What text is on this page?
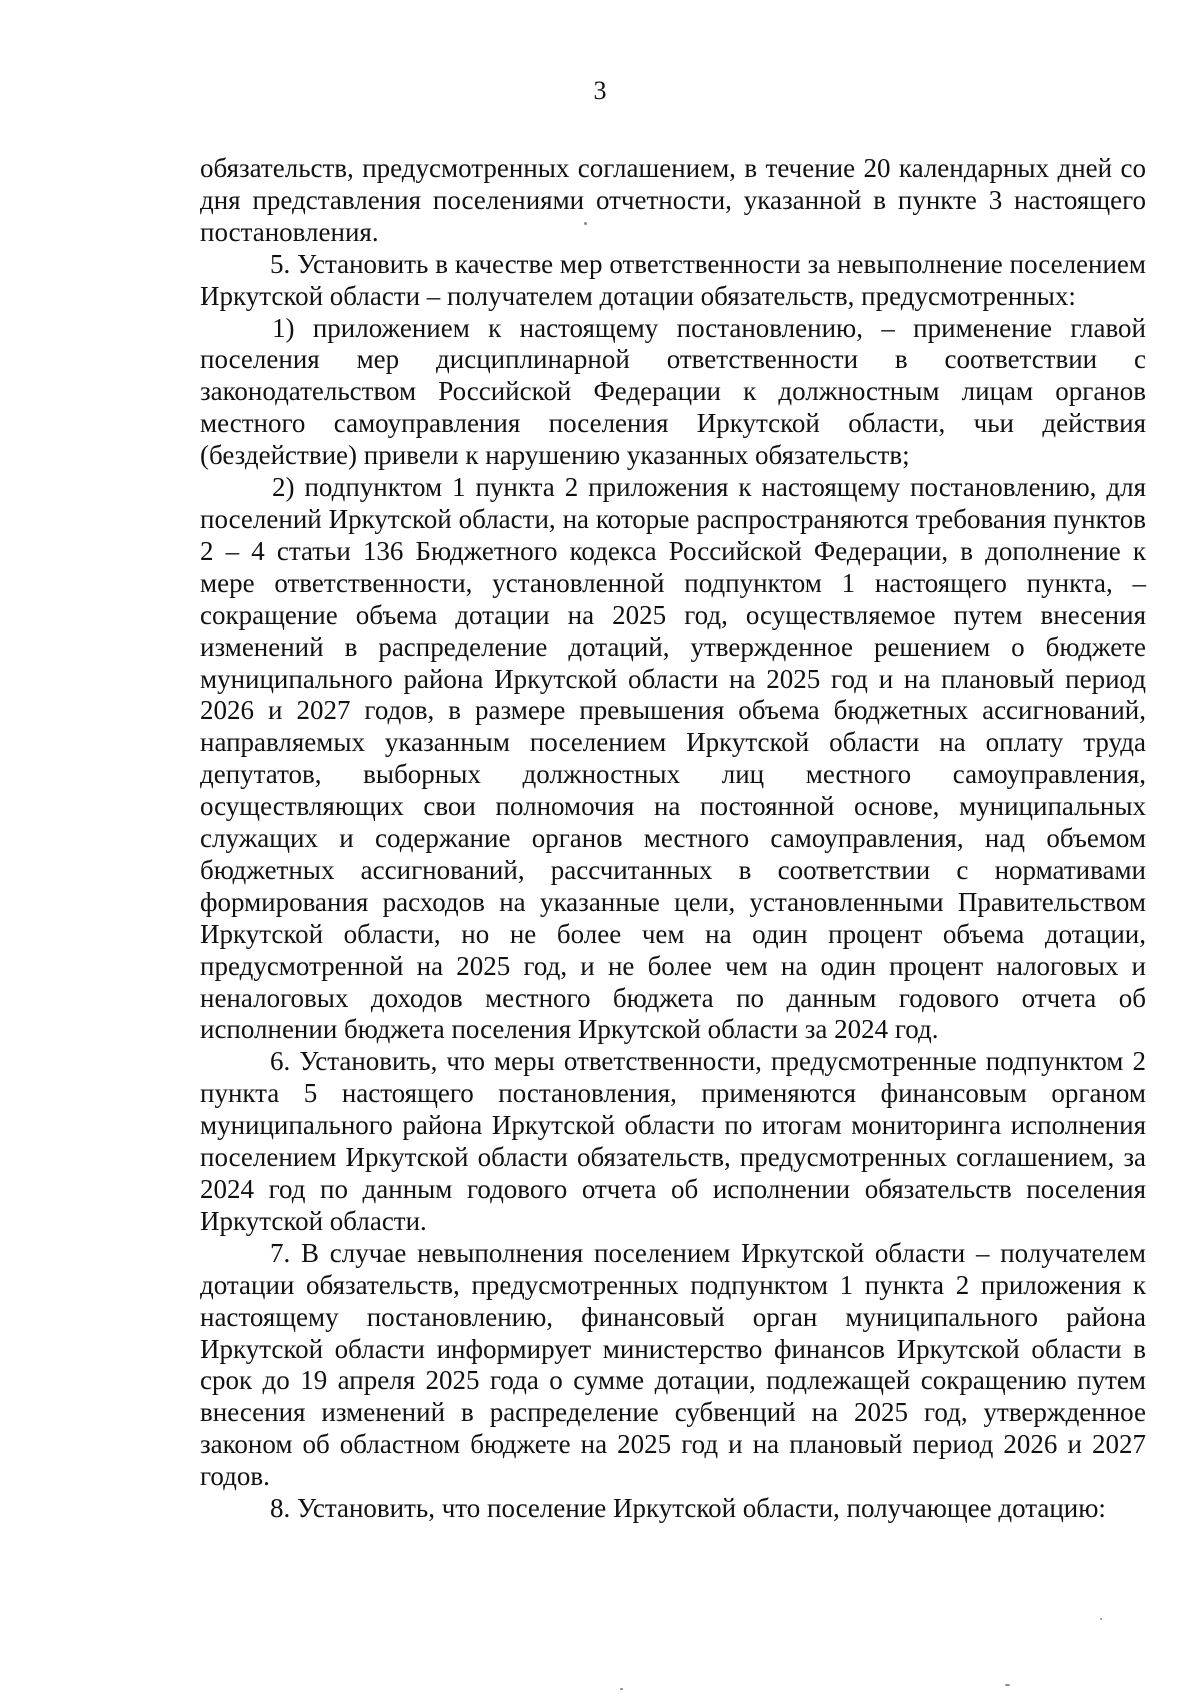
3

обязательств, предусмотренных соглашением, в течение 20 календарных дней со дня представления поселениями отчетности, указанной в пункте 3 настоящего постановления.

5. Установить в качестве мер ответственности за невыполнение поселением Иркутской области – получателем дотации обязательств, предусмотренных:

1) приложением к настоящему постановлению, – применение главой поселения мер дисциплинарной ответственности в соответствии с законодательством Российской Федерации к должностным лицам органов местного самоуправления поселения Иркутской области, чьи действия (бездействие) привели к нарушению указанных обязательств;

2) подпунктом 1 пункта 2 приложения к настоящему постановлению, для поселений Иркутской области, на которые распространяются требования пунктов 2 – 4 статьи 136 Бюджетного кодекса Российской Федерации, в дополнение к мере ответственности, установленной подпунктом 1 настоящего пункта, – сокращение объема дотации на 2025 год, осуществляемое путем внесения изменений в распределение дотаций, утвержденное решением о бюджете муниципального района Иркутской области на 2025 год и на плановый период 2026 и 2027 годов, в размере превышения объема бюджетных ассигнований, направляемых указанным поселением Иркутской области на оплату труда депутатов, выборных должностных лиц местного самоуправления, осуществляющих свои полномочия на постоянной основе, муниципальных служащих и содержание органов местного самоуправления, над объемом бюджетных ассигнований, рассчитанных в соответствии с нормативами формирования расходов на указанные цели, установленными Правительством Иркутской области, но не более чем на один процент объема дотации, предусмотренной на 2025 год, и не более чем на один процент налоговых и неналоговых доходов местного бюджета по данным годового отчета об исполнении бюджета поселения Иркутской области за 2024 год.

6. Установить, что меры ответственности, предусмотренные подпунктом 2 пункта 5 настоящего постановления, применяются финансовым органом муниципального района Иркутской области по итогам мониторинга исполнения поселением Иркутской области обязательств, предусмотренных соглашением, за 2024 год по данным годового отчета об исполнении обязательств поселения Иркутской области.

7. В случае невыполнения поселением Иркутской области – получателем дотации обязательств, предусмотренных подпунктом 1 пункта 2 приложения к настоящему постановлению, финансовый орган муниципального района Иркутской области информирует министерство финансов Иркутской области в срок до 19 апреля 2025 года о сумме дотации, подлежащей сокращению путем внесения изменений в распределение субвенций на 2025 год, утвержденное законом об областном бюджете на 2025 год и на плановый период 2026 и 2027 годов.

8. Установить, что поселение Иркутской области, получающее дотацию:
